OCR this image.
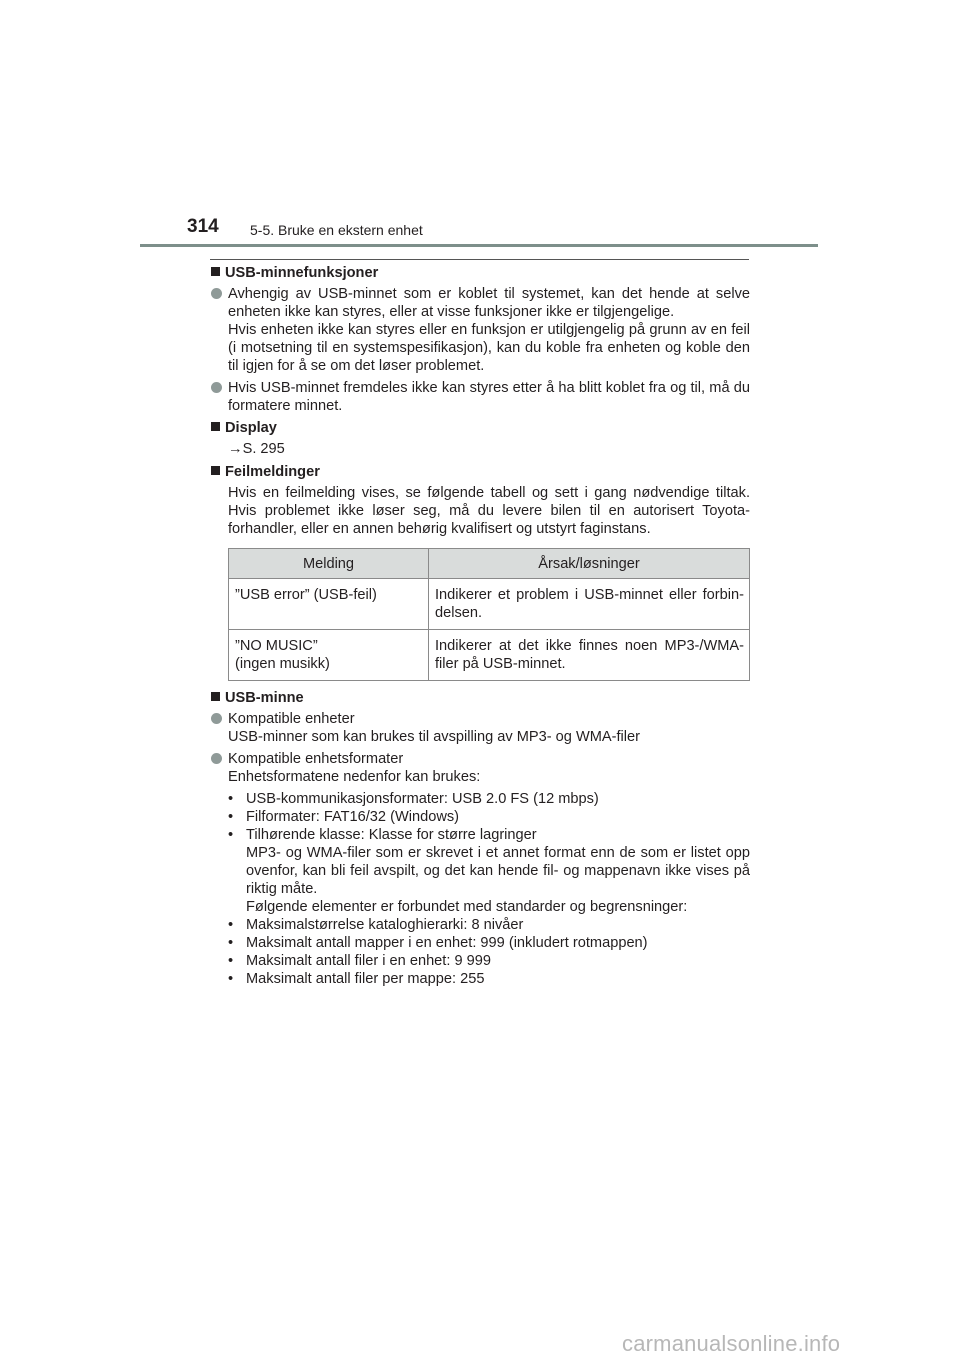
314 5-5. Bruke en ekstern enhet
USB-minnefunksjoner
Avhengig av USB-minnet som er koblet til systemet, kan det hende at selve enheten ikke kan styres, eller at visse funksjoner ikke er tilgjengelige.
Hvis enheten ikke kan styres eller en funksjon er utilgjengelig på grunn av en feil (i motsetning til en systemspesifikasjon), kan du koble fra enheten og koble den til igjen for å se om det løser problemet.
Hvis USB-minnet fremdeles ikke kan styres etter å ha blitt koblet fra og til, må du formatere minnet.
Display
→S. 295
Feilmeldinger
Hvis en feilmelding vises, se følgende tabell og sett i gang nødvendige tiltak. Hvis problemet ikke løser seg, må du levere bilen til en autorisert Toyota-forhandler, eller en annen behørig kvalifisert og utstyrt faginstans.
Melding	Årsak/løsninger
”USB error” (USB-feil)	Indikerer et problem i USB-minnet eller forbin-delsen.

”NO MUSIC”
(ingen musikk)	Indikerer at det ikke finnes noen MP3-/WMA-filer på USB-minnet.
USB-minne
Kompatible enheter
USB-minner som kan brukes til avspilling av MP3- og WMA-filer
Kompatible enhetsformater
Enhetsformatene nedenfor kan brukes:
• USB-kommunikasjonsformater: USB 2.0 FS (12 mbps)
• Filformater: FAT16/32 (Windows)
• Tilhørende klasse: Klasse for større lagringer
MP3- og WMA-filer som er skrevet i et annet format enn de som er listet opp ovenfor, kan bli feil avspilt, og det kan hende fil- og mappenavn ikke vises på riktig måte.
Følgende elementer er forbundet med standarder og begrensninger:
• Maksimalstørrelse kataloghierarki: 8 nivåer
• Maksimalt antall mapper i en enhet: 999 (inkludert rotmappen)
• Maksimalt antall filer i en enhet: 9 999
• Maksimalt antall filer per mappe: 255
carmanualsonline.info
